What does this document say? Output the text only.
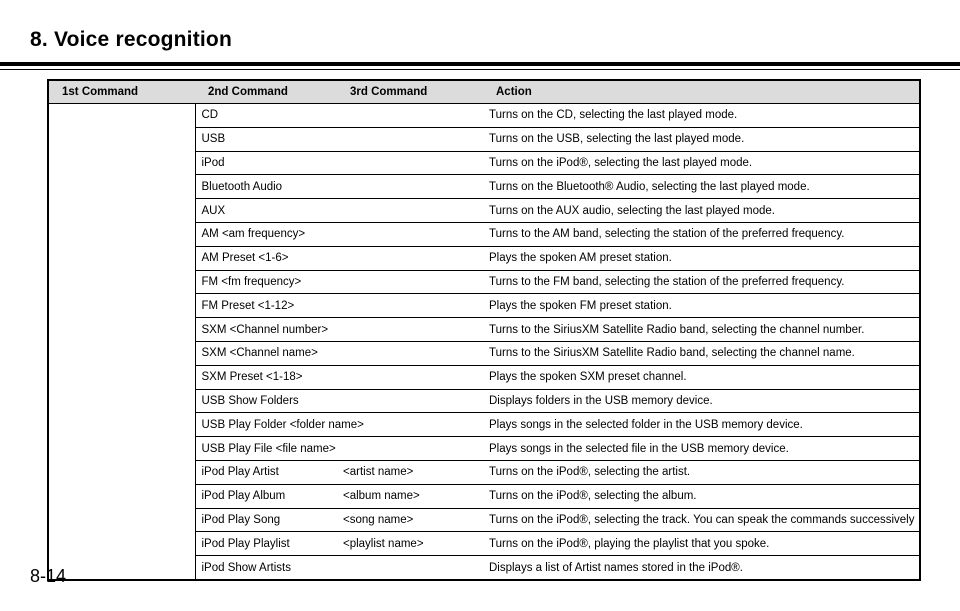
8. Voice recognition
1st Command	2nd Command	3rd Command	Action
	CD		Turns on the CD, selecting the last played mode.
	USB		Turns on the USB, selecting the last played mode.
	iPod		Turns on the iPod®, selecting the last played mode.
	Bluetooth Audio		Turns on the Bluetooth® Audio, selecting the last played mode.
	AUX		Turns on the AUX audio, selecting the last played mode.
	AM <am frequency>		Turns to the AM band, selecting the station of the preferred frequency.
	AM Preset <1-6>		Plays the spoken AM preset station.
	FM <fm frequency>		Turns to the FM band, selecting the station of the preferred frequency.
	FM Preset <1-12>		Plays the spoken FM preset station.
	SXM <Channel number>		Turns to the SiriusXM Satellite Radio band, selecting the channel number.
	SXM <Channel name>		Turns to the SiriusXM Satellite Radio band, selecting the channel name.
	SXM Preset <1-18>		Plays the spoken SXM preset channel.
	USB Show Folders		Displays folders in the USB memory device.
	USB Play Folder <folder name>		Plays songs in the selected folder in the USB memory device.
	USB Play File <file name>		Plays songs in the selected file in the USB memory device.
	iPod Play Artist	<artist name>	Turns on the iPod®, selecting the artist.
	iPod Play Album	<album name>	Turns on the iPod®, selecting the album.
	iPod Play Song	<song name>	Turns on the iPod®, selecting the track. You can speak the commands successively
	iPod Play Playlist	<playlist name>	Turns on the iPod®, playing the playlist that you spoke.
	iPod Show Artists		Displays a list of Artist names stored in the iPod®.
8-14
